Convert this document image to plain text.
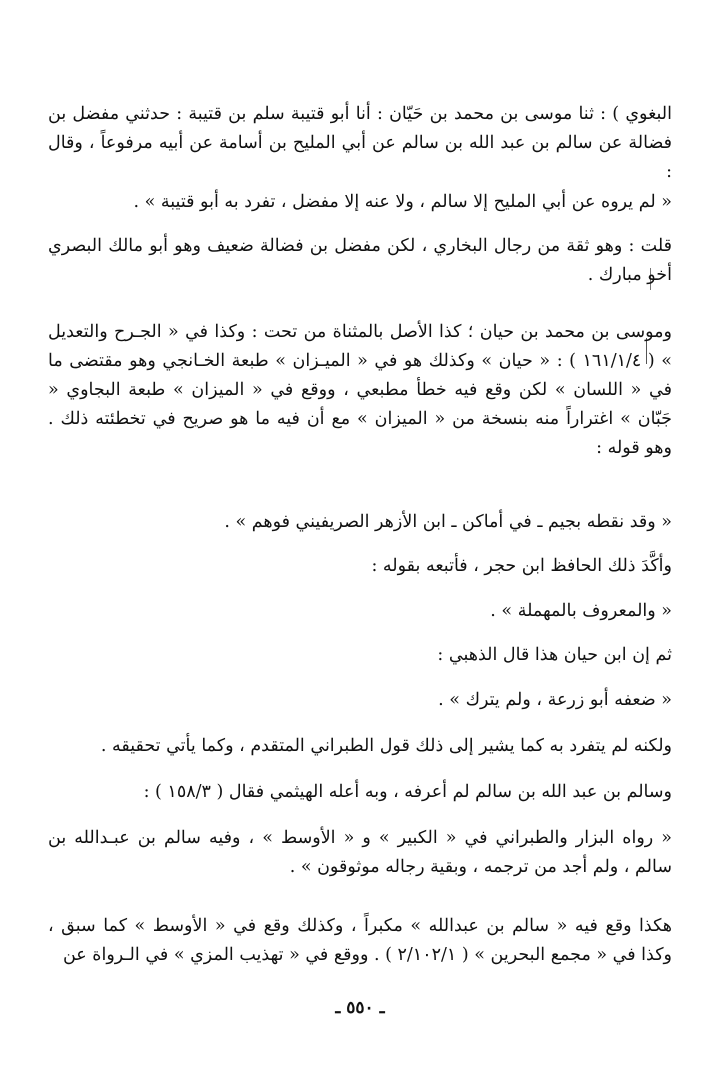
ـ ٥٥٠ ـ

البغوي ) : ثنا موسى بن محمد بن حَيّان : أنا أبو قتيبة سلم بن قتيبة : حدثني مفضل بن فضالة عن سالم بن عبد الله بن سالم عن أبي المليح بن أسامة عن أبيه مرفوعاً ، وقال :

« لم يروه عن أبي المليح إلا سالم ، ولا عنه إلا مفضل ، تفرد به أبو قتيبة » .

قلت : وهو ثقة من رجال البخاري ، لكن مفضل بن فضالة ضعيف وهو أبو مالك البصري أخو مبارك .

وموسى بن محمد بن حيان ؛ كذا الأصل بالمثناة من تحت : وكذا في « الجـرح والتعديل » ( ١٦١/١/٤ ) : « حيان » وكذلك هو في « الميـزان » طبعة الخـانجي وهو مقتضى ما في « اللسان » لكن وقع فيه خطأ مطبعي ، ووقع في « الميزان » طبعة البجاوي « جَبّان » اغتراراً منه بنسخة من « الميزان » مع أن فيه ما هو صريح في تخطئته ذلك . وهو قوله :

« وقد نقطه بجيم ـ في أماكن ـ ابن الأزهر الصريفيني فوهم » .

وأكَّدَ ذلك الحافظ ابن حجر ، فأتبعه بقوله :

« والمعروف بالمهملة » .

ثم إن ابن حيان هذا قال الذهبي :

« ضعفه أبو زرعة ، ولم يترك » .

ولكنه لم يتفرد به كما يشير إلى ذلك قول الطبراني المتقدم ، وكما يأتي تحقيقه .

وسالم بن عبد الله بن سالم لم أعرفه ، وبه أعله الهيثمي فقال ( ١٥٨/٣ ) :

« رواه البزار والطبراني في « الكبير » و « الأوسط » ، وفيه سالم بن عبـدالله بن سالم ، ولم أجد من ترجمه ، وبقية رجاله موثوقون » .

هكذا وقع فيه « سالم بن عبدالله » مكبراً ، وكذلك وقع في « الأوسط » كما سبق ، وكذا في « مجمع البحرين » ( ٢/١٠٢/١ ) . ووقع في « تهذيب المزي » في الـرواة عن
